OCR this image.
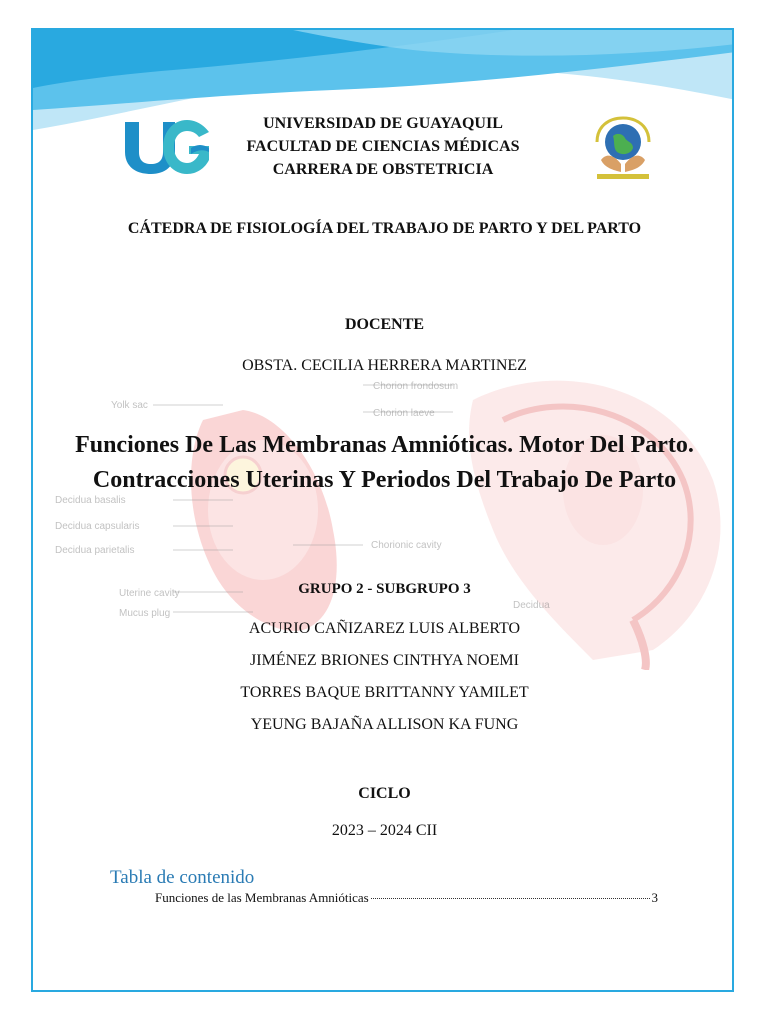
Yolk sac
Chorion frondosum
Chorion laeve
Decidua basalis
Decidua capsularis
Decidua parietalis	Chorionic cavity
Uterine cavity
Mucus plug
Decidua
UNIVERSIDAD DE GUAYAQUIL
FACULTAD DE CIENCIAS MÉDICAS
CARRERA DE OBSTETRICIA
CÁTEDRA DE FISIOLOGÍA DEL TRABAJO DE PARTO Y DEL PARTO
DOCENTE
OBSTA. CECILIA HERRERA MARTINEZ
Funciones De Las Membranas Amnióticas. Motor Del Parto. Contracciones Uterinas Y Periodos Del Trabajo De Parto
GRUPO 2 - SUBGRUPO 3
ACURIO CAÑIZAREZ LUIS ALBERTO
JIMÉNEZ BRIONES CINTHYA NOEMI
TORRES BAQUE BRITTANNY YAMILET
YEUNG BAJAÑA ALLISON KA FUNG
CICLO
2023 – 2024 CII
Tabla de contenido
Funciones de las Membranas Amnióticas	3
